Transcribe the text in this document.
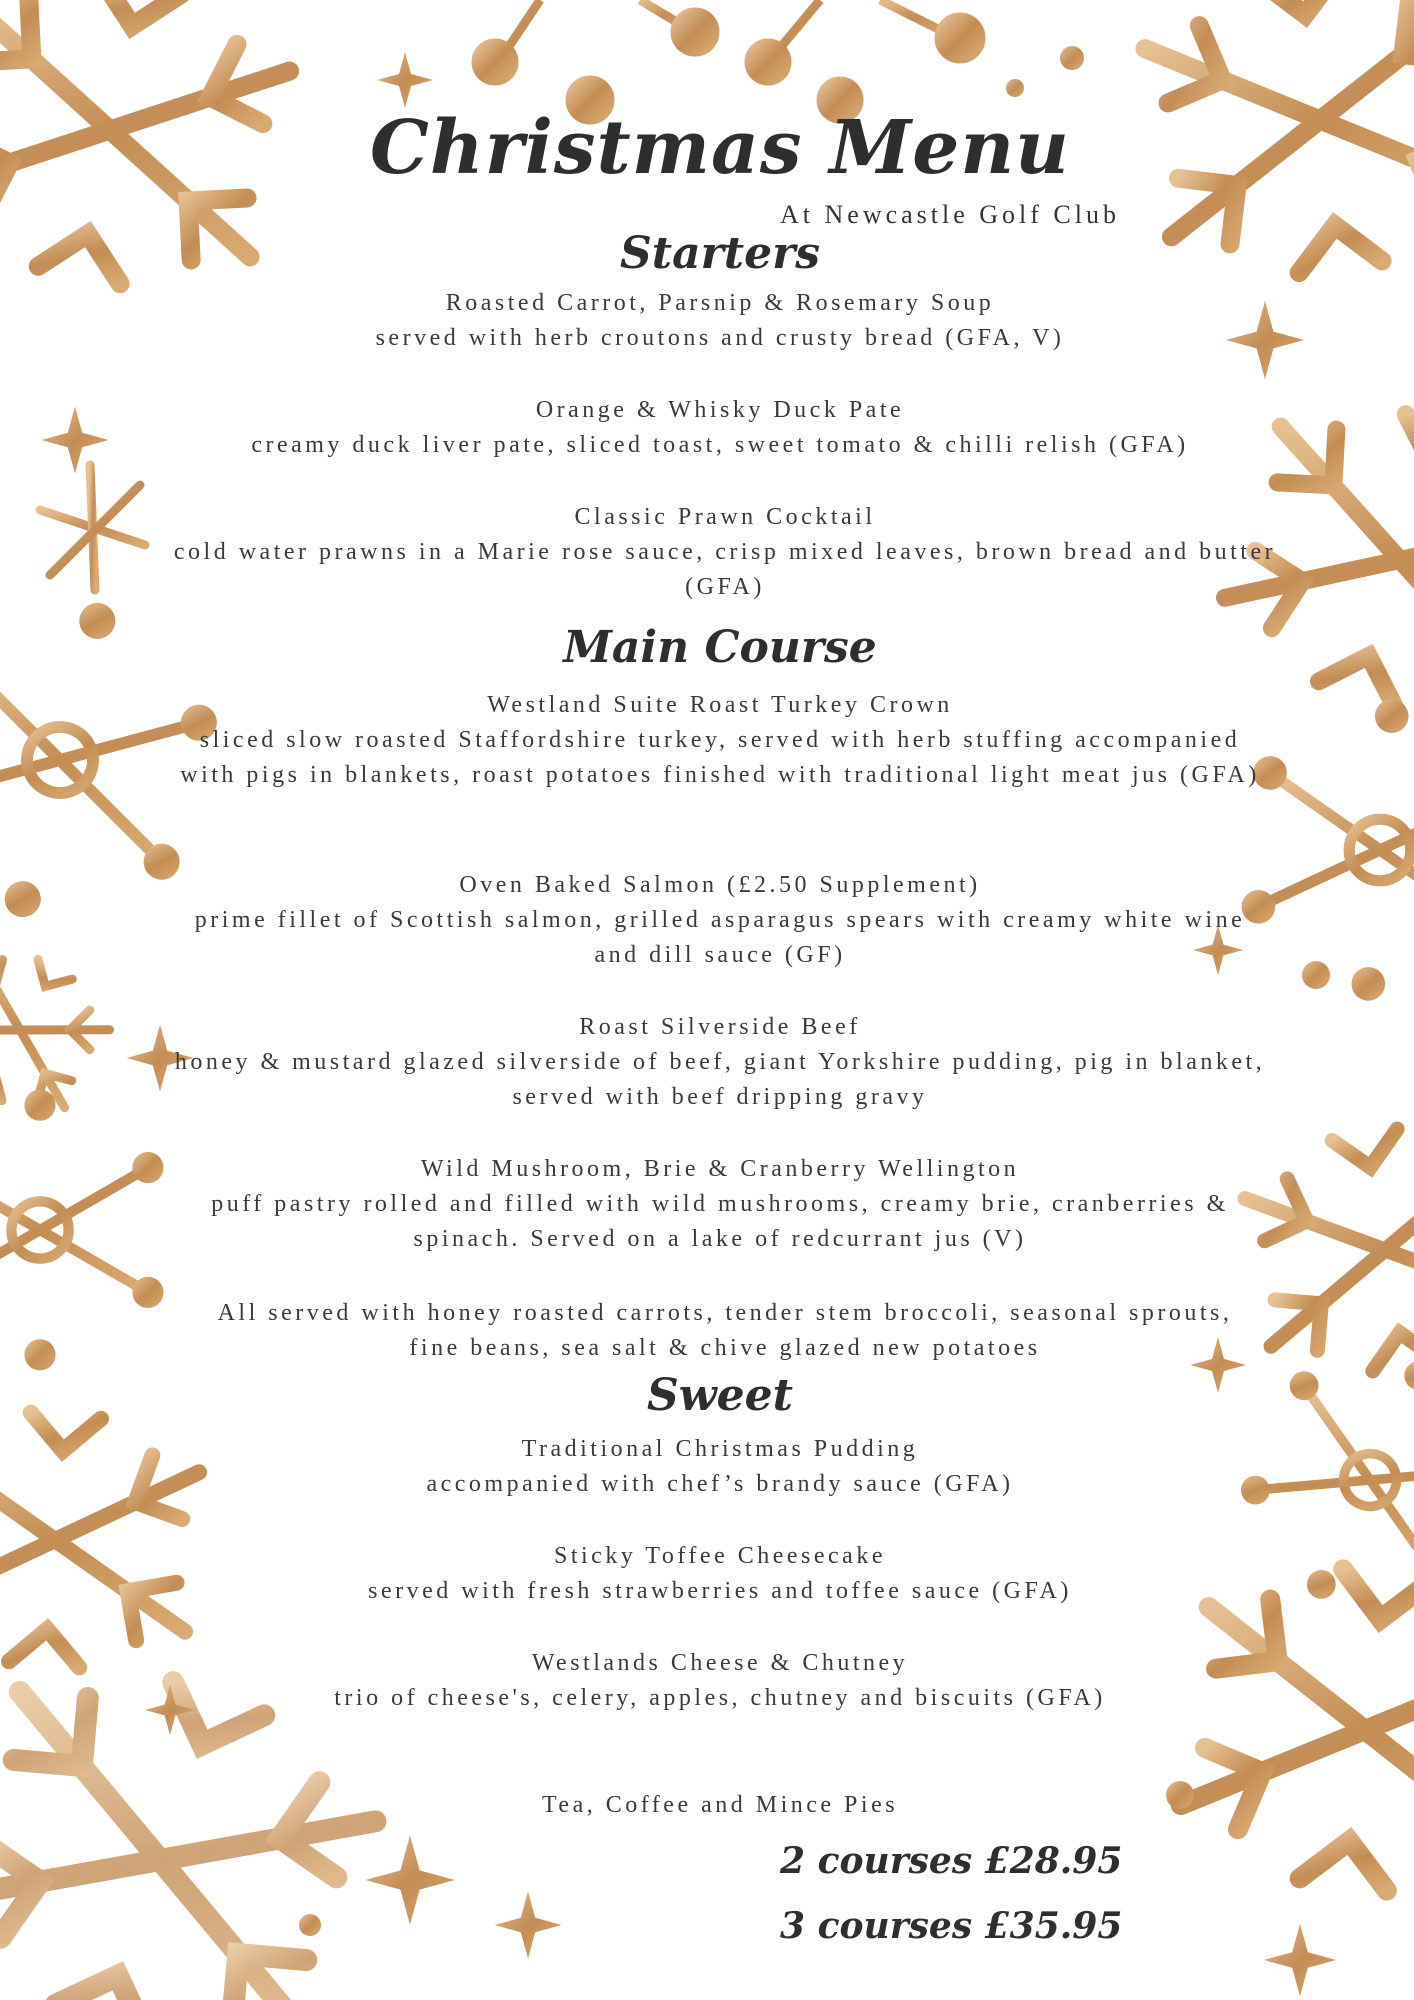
Christmas Menu
At Newcastle Golf Club
Starters
Roasted Carrot, Parsnip & Rosemary Soup
served with herb croutons and crusty bread (GFA, V)
Orange & Whisky Duck Pate
creamy duck liver pate, sliced toast, sweet tomato & chilli relish (GFA)
Classic Prawn Cocktail
cold water prawns in a Marie rose sauce, crisp mixed leaves, brown bread and butter (GFA)
Main Course
Westland Suite Roast Turkey Crown
sliced slow roasted Staffordshire turkey, served with herb stuffing accompanied with pigs in blankets, roast potatoes finished with traditional light meat jus (GFA)
Oven Baked Salmon (£2.50 Supplement)
prime fillet of Scottish salmon, grilled asparagus spears with creamy white wine and dill sauce (GF)
Roast Silverside Beef
honey & mustard glazed silverside of beef, giant Yorkshire pudding, pig in blanket, served with beef dripping gravy
Wild Mushroom, Brie & Cranberry Wellington
puff pastry rolled and filled with wild mushrooms, creamy brie, cranberries & spinach. Served on a lake of redcurrant jus (V)
All served with honey roasted carrots, tender stem broccoli, seasonal sprouts, fine beans, sea salt & chive glazed new potatoes
Sweet
Traditional Christmas Pudding
accompanied with chef’s brandy sauce (GFA)
Sticky Toffee Cheesecake
served with fresh strawberries and toffee sauce (GFA)
Westlands Cheese & Chutney
trio of cheese's, celery, apples, chutney and biscuits (GFA)
Tea, Coffee and Mince Pies
2 courses £28.95
3 courses £35.95
